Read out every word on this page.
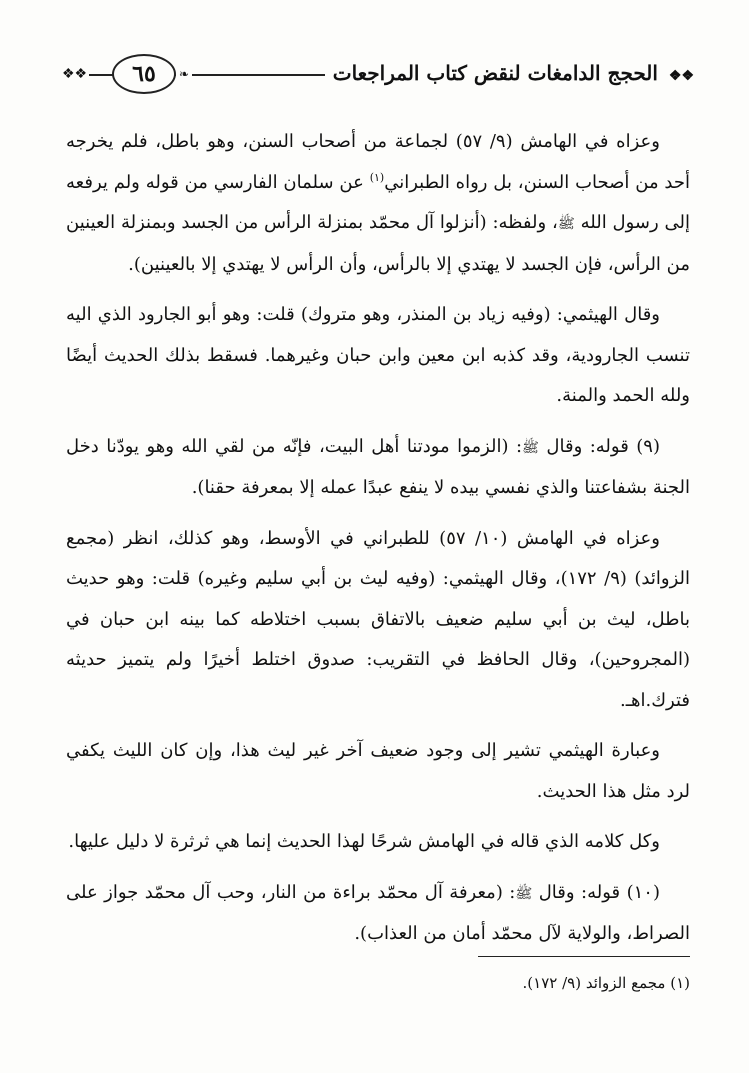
❖❖	٦٥	❧	❖❖ الحجج الدامغات لنقض كتاب المراجعات

وعزاه في الهامش (٩/ ٥٧) لجماعة من أصحاب السنن، وهو باطل، فلم يخرجه أحد من أصحاب السنن، بل رواه الطبراني$^{(١)}$ عن سلمان الفارسي من قوله ولم يرفعه إلى رسول الله ﷺ، ولفظه: (أنزلوا آل محمّد بمنزلة الرأس من الجسد وبمنزلة العينين من الرأس، فإن الجسد لا يهتدي إلا بالرأس، وأن الرأس لا يهتدي إلا بالعينين).

وقال الهيثمي: (وفيه زياد بن المنذر، وهو متروك) قلت: وهو أبو الجارود الذي اليه تنسب الجارودية، وقد كذبه ابن معين وابن حبان وغيرهما. فسقط بذلك الحديث أيضًا ولله الحمد والمنة.

(٩) قوله: وقال ﷺ: (الزموا مودتنا أهل البيت، فإنّه من لقي الله وهو يودّنا دخل الجنة بشفاعتنا والذي نفسي بيده لا ينفع عبدًا عمله إلا بمعرفة حقنا).

وعزاه في الهامش (١٠/ ٥٧) للطبراني في الأوسط، وهو كذلك، انظر (مجمع الزوائد) (٩/ ١٧٢)، وقال الهيثمي: (وفيه ليث بن أبي سليم وغيره) قلت: وهو حديث باطل، ليث بن أبي سليم ضعيف بالاتفاق بسبب اختلاطه كما بينه ابن حبان في (المجروحين)، وقال الحافظ في التقريب: صدوق اختلط أخيرًا ولم يتميز حديثه فترك.اهـ.

وعبارة الهيثمي تشير إلى وجود ضعيف آخر غير ليث هذا، وإن كان الليث يكفي لرد مثل هذا الحديث.

وكل كلامه الذي قاله في الهامش شرحًا لهذا الحديث إنما هي ثرثرة لا دليل عليها.

(١٠) قوله: وقال ﷺ: (معرفة آل محمّد براءة من النار، وحب آل محمّد جواز على الصراط، والولاية لآل محمّد أمان من العذاب).

(١) مجمع الزوائد (٩/ ١٧٢).
